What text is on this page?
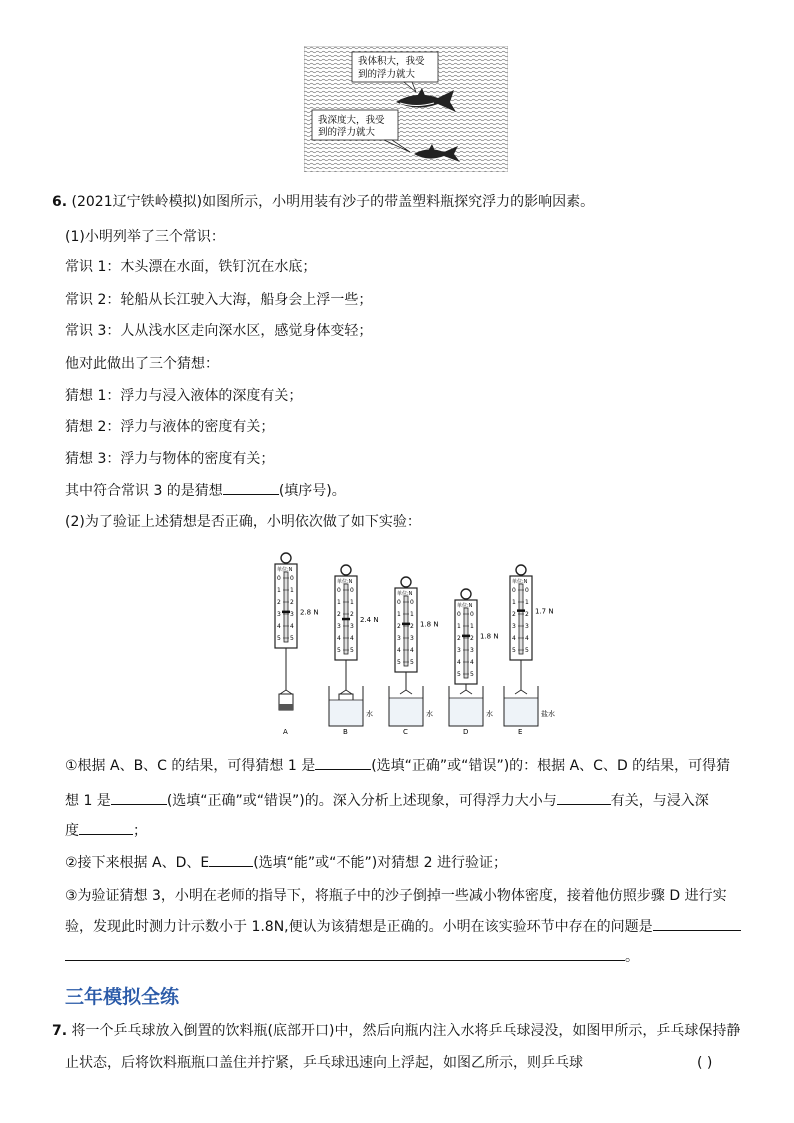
我体积大，我受
到的浮力就大
我深度大，我受
到的浮力就大
6. (2021辽宁铁岭模拟)如图所示，小明用装有沙子的带盖塑料瓶探究浮力的影响因素。
(1)小明列举了三个常识：
常识 1：木头漂在水面，铁钉沉在水底；
常识 2：轮船从长江驶入大海，船身会上浮一些；
常识 3：人从浅水区走向深水区，感觉身体变轻；
他对此做出了三个猜想：
猜想 1：浮力与浸入液体的深度有关；
猜想 2：浮力与液体的密度有关；
猜想 3：浮力与物体的密度有关；
其中符合常识 3 的是猜想	(填序号)。
(2)为了验证上述猜想是否正确，小明依次做了如下实验：
单位:N
0 0
1 1
2 2
3 3
4 4
5 5
2.8 N
A
单位:N
0 0
1 1
2 2
3 3
4 4
5 5
2.4 N
水
B
单位:N
0 0
1 1
2 2
3 3
4 4
5 5
1.8 N
水
C
单位:N
0 0
1 1
2 2
3 3
4 4
5 5
1.8 N
水
D
单位:N
0 0
1 1
2 2
3 3
4 4
5 5
1.7 N
盐水
E
①根据 A、B、C 的结果，可得猜想 1 是	(选填“正确”或“错误”)的：根据 A、C、D 的结果，可得猜
想 1 是	(选填“正确”或“错误”)的。深入分析上述现象，可得浮力大小与	有关，与浸入深
度	；
②接下来根据 A、D、E	(选填“能”或“不能”)对猜想 2 进行验证；
③为验证猜想 3，小明在老师的指导下，将瓶子中的沙子倒掉一些减小物体密度，接着他仿照步骤 D 进行实
验，发现此时测力计示数小于 1.8N,便认为该猜想是正确的。小明在该实验环节中存在的问题是
。
三年模拟全练
7. 将一个乒乓球放入倒置的饮料瓶(底部开口)中，然后向瓶内注入水将乒乓球浸没，如图甲所示，乒乓球保持静
止状态，后将饮料瓶瓶口盖住并拧紧，乒乓球迅速向上浮起，如图乙所示，则乒乓球	( )
